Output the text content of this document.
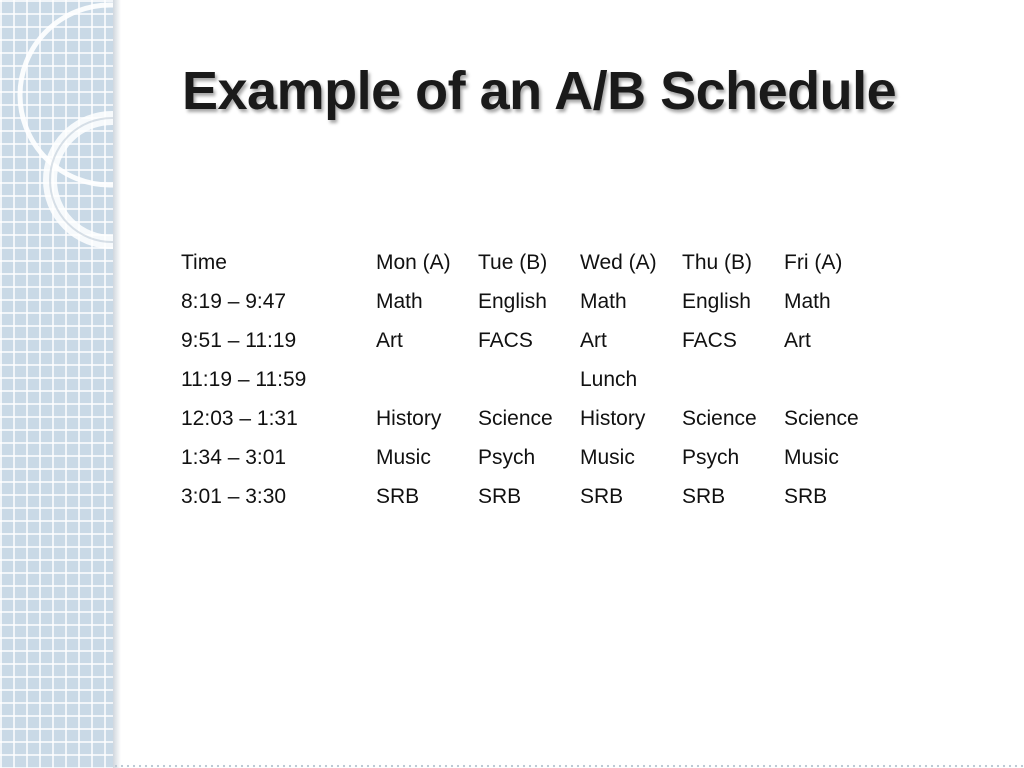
Example of an A/B Schedule
Time	Mon (A)	Tue (B)	Wed (A)	Thu (B)	Fri (A)
8:19 – 9:47	Math	English	Math	English	Math
9:51 – 11:19	Art	FACS	Art	FACS	Art
11:19 – 11:59			Lunch		
12:03 – 1:31	History	Science	History	Science	Science
1:34 – 3:01	Music	Psych	Music	Psych	Music
3:01 – 3:30	SRB	SRB	SRB	SRB	SRB
